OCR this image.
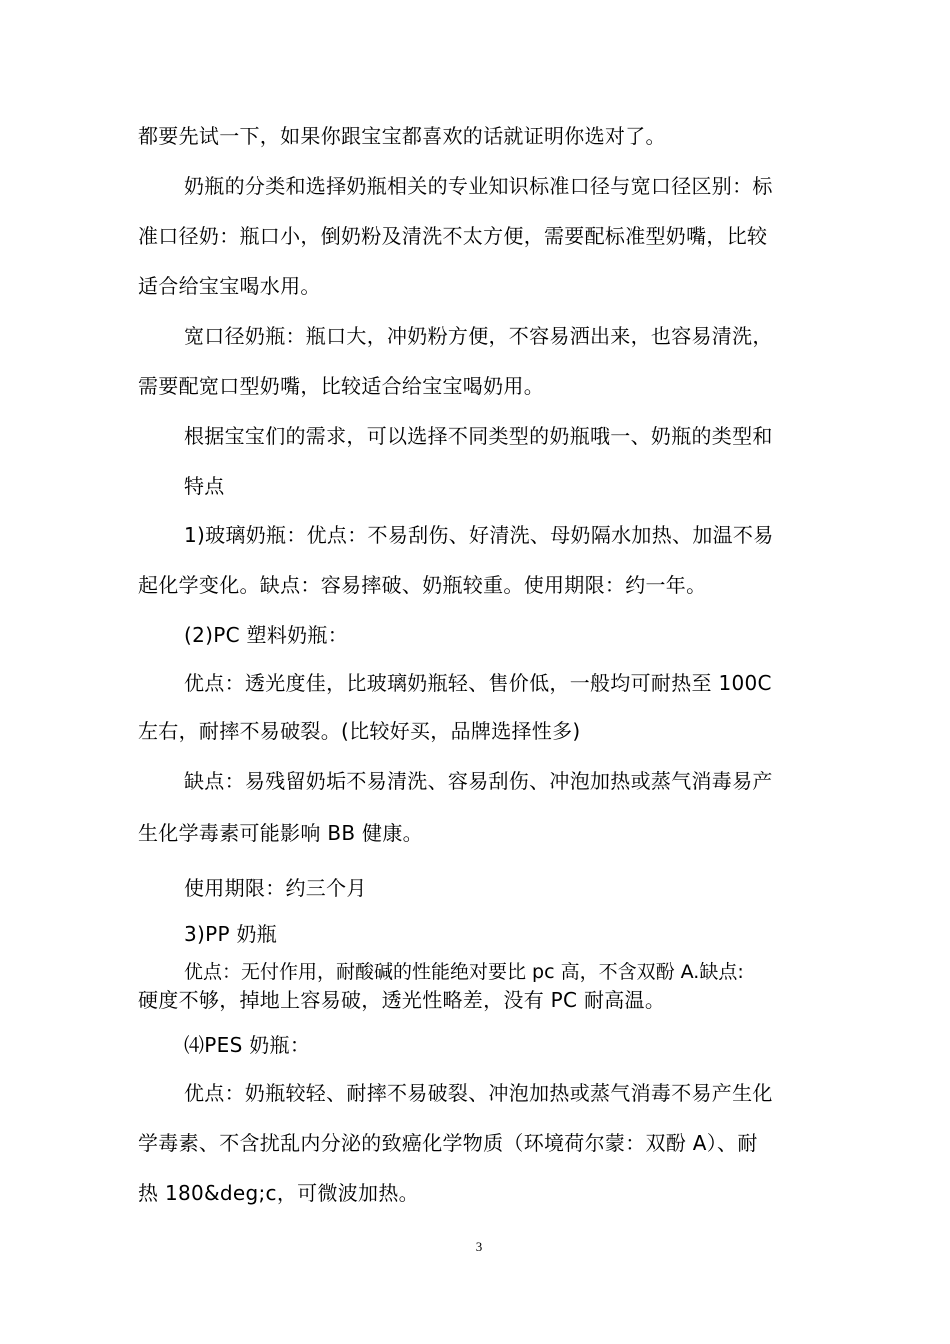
都要先试一下，如果你跟宝宝都喜欢的话就证明你选对了。
奶瓶的分类和选择奶瓶相关的专业知识标准口径与宽口径区别：标
准口径奶：瓶口小，倒奶粉及清洗不太方便，需要配标准型奶嘴，比较
适合给宝宝喝水用。
宽口径奶瓶：瓶口大，冲奶粉方便，不容易洒出来，也容易清洗，
需要配宽口型奶嘴，比较适合给宝宝喝奶用。
根据宝宝们的需求，可以选择不同类型的奶瓶哦一、奶瓶的类型和
特点
1)玻璃奶瓶：优点：不易刮伤、好清洗、母奶隔水加热、加温不易
起化学变化。缺点：容易摔破、奶瓶较重。使用期限：约一年。
(2)PC 塑料奶瓶：
优点：透光度佳，比玻璃奶瓶轻、售价低，一般均可耐热至 100C
左右，耐摔不易破裂。(比较好买，品牌选择性多)
缺点：易残留奶垢不易清洗、容易刮伤、冲泡加热或蒸气消毒易产
生化学毒素可能影响 BB 健康。
使用期限：约三个月
3)PP 奶瓶
优点：无付作用，耐酸碱的性能绝对要比 pc 高，不含双酚 A.缺点:
硬度不够，掉地上容易破，透光性略差，没有 PC 耐高温。
⑷PES 奶瓶：
优点：奶瓶较轻、耐摔不易破裂、冲泡加热或蒸气消毒不易产生化
学毒素、不含扰乱内分泌的致癌化学物质（环境荷尔蒙：双酚 A）、耐
热 180&deg;c，可微波加热。
3
